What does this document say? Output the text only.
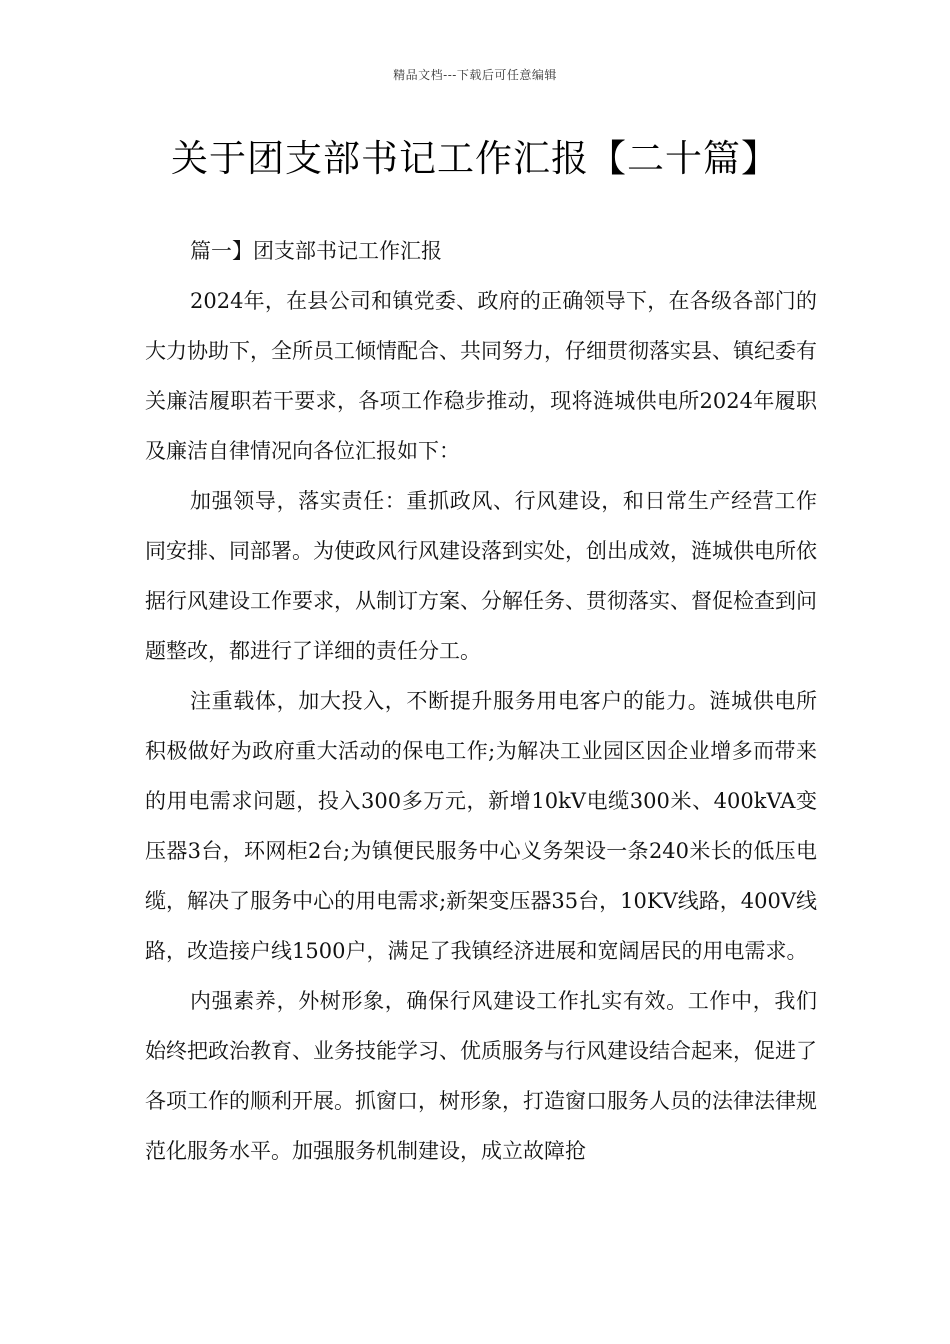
精品文档---下载后可任意编辑
关于团支部书记工作汇报【二十篇】

篇一】团支部书记工作汇报

2024年，在县公司和镇党委、政府的正确领导下，在各级各部门的大力协助下，全所员工倾情配合、共同努力，仔细贯彻落实县、镇纪委有关廉洁履职若干要求，各项工作稳步推动，现将涟城供电所2024年履职及廉洁自律情况向各位汇报如下：

加强领导，落实责任：重抓政风、行风建设，和日常生产经营工作同安排、同部署。为使政风行风建设落到实处，创出成效，涟城供电所依据行风建设工作要求，从制订方案、分解任务、贯彻落实、督促检查到问题整改，都进行了详细的责任分工。

注重载体，加大投入，不断提升服务用电客户的能力。涟城供电所积极做好为政府重大活动的保电工作;为解决工业园区因企业增多而带来的用电需求问题，投入300多万元，新增10kV电缆300米、400kVA变压器3台，环网柜2台;为镇便民服务中心义务架设一条240米长的低压电缆，解决了服务中心的用电需求;新架变压器35台，10KV线路，400V线路，改造接户线1500户，满足了我镇经济进展和宽阔居民的用电需求。

内强素养，外树形象，确保行风建设工作扎实有效。工作中，我们始终把政治教育、业务技能学习、优质服务与行风建设结合起来，促进了各项工作的顺利开展。抓窗口，树形象，打造窗口服务人员的法律法律规范化服务水平。加强服务机制建设，成立故障抢
